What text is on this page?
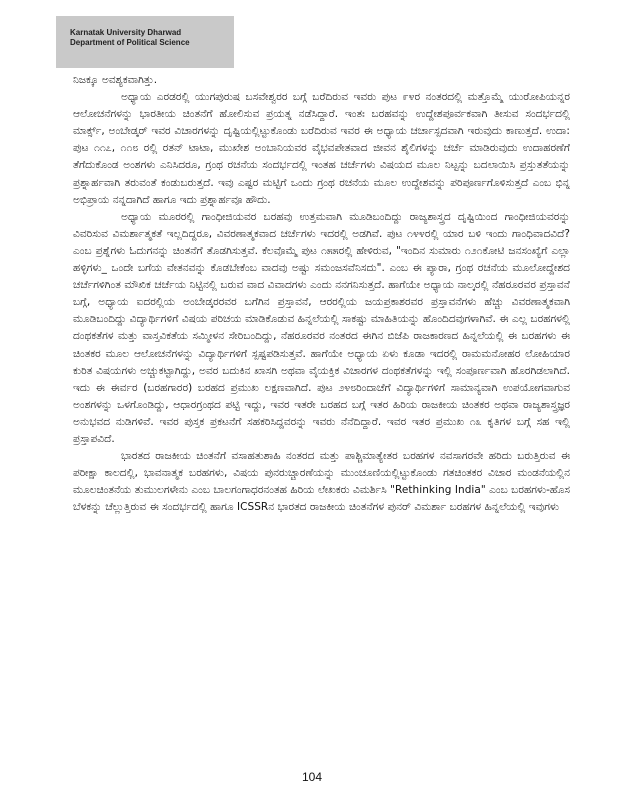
Karnatak University Dharwad
Department of Political Science

ನಿಜಕ್ಕೂ ಅವಶ್ಯಕವಾಗಿತ್ತು.

ಅಧ್ಯಾಯ ಎರಡರಲ್ಲಿ ಯುಗಪುರುಷ ಬಸವೇಶ್ವರರ ಬಗ್ಗೆ ಬರೆದಿರುವ ಇವರು ಪುಟ ೯೪ರ ನಂತರದಲ್ಲಿ ಮತ್ತೊಮ್ಮೆ ಯುರೋಪಿಯನ್ನರ ಆಲೋಚನೆಗಳನ್ನು ಭಾರತೀಯ ಚಿಂತನೆಗೆ ಹೋಲಿಸುವ ಪ್ರಯತ್ನ ನಡೆಸಿದ್ದಾರೆ. ಇಂತಃ ಬರಹವನ್ನು ಉದ್ದೇಶಪೂರ್ವಕವಾಗಿ ತೀಸುವ ಸಂದರ್ಭದಲ್ಲಿ ಮಾರ್ಕ್ಸ್, ಅಂಬೇಡ್ಕರ್ ಇವರ ವಿಚಾರಗಳನ್ನು ದೃಷ್ಟಿಯಲ್ಲಿಟ್ಟುಕೊಂಡು ಬರೆದಿರುವ ಇವರ ಈ ಅಧ್ಯಾಯ ಚರ್ಚಾಸ್ಪದವಾಗಿ ಇರುವುದು ಕಾಣುತ್ತದೆ. ಉದಾ: ಪುಟ ೧೧೭, ೧೧೮ ರಲ್ಲಿ ರತನ್ ಟಾಟಾ, ಮುಖೇಶ ಅಂಬಾನಿಯವರ ವೈಭವಪೇತವಾದ ಜೀವನ ಶೈಲಿಗಳನ್ನು ಚರ್ಚೆ ಮಾಡಿರುವುದು ಉದಾಹರಣೆಗೆ ತೆಗೆದುಕೊಂಡ ಅಂಶಗಳು ಎನಿಸಿದರೂ, ಗ್ರಂಥ ರಚನೆಯ ಸಂದರ್ಭದಲ್ಲಿ ಇಂತಹ ಚರ್ಚೆಗಳು ವಿಷಯದ ಮೂಲ ನಿಟ್ಟನ್ನು ಬದಲಾಯಿಸಿ ಪ್ರಸ್ತುತತೆಯನ್ನು ಪ್ರಶ್ನಾರ್ಹವಾಗಿ ತರುವಂತೆ ಕಂಡುಬರುತ್ತದೆ. ಇವು ಎಷ್ಟರ ಮಟ್ಟಿಗೆ ಒಂದು ಗ್ರಂಥ ರಚನೆಯ ಮೂಲ ಉದ್ದೇಶವನ್ನು ಪರಿಪೂರ್ಣಗೊಳಿಸುತ್ತದೆ ಎಂಬ ಭಿನ್ನ ಅಭಿಪ್ರಾಯ ನನ್ನದಾಗಿದೆ ಹಾಗೂ ಇದು ಪ್ರಶ್ನಾರ್ಹವೂ ಹೌದು.

ಅಧ್ಯಾಯ ಮೂರರಲ್ಲಿ ಗಾಂಧೀಜಿಯವರ ಬರಹವು ಉತ್ತಮವಾಗಿ ಮೂಡಿಬಂದಿದ್ದು ರಾಜ್ಯಶಾಸ್ತ್ರದ ದೃಷ್ಟಿಯಿಂದ ಗಾಂಧೀಜಿಯವರನ್ನು ವಿವರಿಸುವ ವಿಮರ್ಶಾತ್ಮಕತೆ ಇಲ್ಲದಿದ್ದರೂ, ವಿವರಣಾತ್ಮಕವಾದ ಚರ್ಚೆಗಳು ಇದರಲ್ಲಿ ಅಡಗಿವೆ. ಪುಟ ೧೪೪ರಲ್ಲಿ ಯಾರ ಬಳಿ ಇಂದು ಗಾಂಧಿವಾದವಿದೆ? ಎಂಬ ಪ್ರಶ್ನೆಗಳು ಓದುಗನನ್ನು ಚಿಂತನೆಗೆ ತೊಡಗಿಸುತ್ತವೆ. ಕೆಲವೊಮ್ಮೆ ಪುಟ ೧೫೫ರಲ್ಲಿ ಹೇಳಿರುವ, "ಇಂದಿನ ಸುಮಾರು ೧೨೧ಕೋಟಿ ಜನಸಂಖ್ಯೆಗೆ ಎಲ್ಲಾ ಹಳ್ಳಿಗಳು_ ಒಂದೇ ಬಗೆಯ ವೇತನವನ್ನು ಕೊಡಬೇಕೆಂಬ ವಾದವು ಅಷ್ಟು ಸಮಂಜಸವೆನಿಸದು". ಎಂಬ ಈ ಪ್ಯಾರಾ, ಗ್ರಂಥ ರಚನೆಯ ಮೂಲೋದ್ದೇಶದ ಚರ್ಚೆಗಳಿಗಿಂತ ಮೌಖಿಕ ಚರ್ಚೆಯ ನಿಟ್ಟಿನಲ್ಲಿ ಬರುವ ವಾದ ವಿವಾದಗಳು ಎಂದು ನನಗನಿಸುತ್ತದೆ. ಹಾಗೆಯೇ ಅಧ್ಯಾಯ ನಾಲ್ಕರಲ್ಲಿ ನೆಹರೂರವರ ಪ್ರಸ್ತಾವನೆ ಬಗ್ಗೆ, ಅಧ್ಯಾಯ ಐದರಲ್ಲಿಯ ಅಂಬೇಡ್ಕರರವರ ಬಗೆಗಿನ ಪ್ರಸ್ತಾವನೆ, ಆರರಲ್ಲಿಯ ಜಯಪ್ರಕಾಶರವರ ಪ್ರಸ್ತಾವನೆಗಳು ಹೆಚ್ಚು ವಿವರಣಾತ್ಮಕವಾಗಿ ಮೂಡಿಬಂದಿದ್ದು ವಿದ್ಯಾರ್ಥಿಗಳಿಗೆ ವಿಷಯ ಪರಿಚಯ ಮಾಡಿಕೊಡುವ ಹಿನ್ನಲೆಯಲ್ಲಿ ಸಾಕಷ್ಟು ಮಾಹಿತಿಯನ್ನು ಹೊಂದಿದವುಗಳಾಗಿವೆ. ಈ ಎಲ್ಲ ಬರಹಗಳಲ್ಲಿ ದಂಥಕತೆಗಳ ಮತ್ತು ವಾಸ್ತವಿಕತೆಯ ಸಮ್ಮೀಳನ ಸೇರಿಬಂದಿದ್ದು, ನೆಹರೂರವರ ನಂತರದ ಈಗಿನ ಬಿಜೆಪಿ ರಾಜಕಾರಣದ ಹಿನ್ನಲೆಯಲ್ಲಿ ಈ ಬರಹಗಳು ಈ ಚಿಂತಕರ ಮೂಲ ಆಲೋಚನೆಗಳನ್ನು ವಿದ್ಯಾರ್ಥಿಗಳಿಗೆ ಸ್ಪಷ್ಟಪಡಿಸುತ್ತವೆ. ಹಾಗೆಯೇ ಅಧ್ಯಾಯ ಏಳು ಕೂಡಾ ಇದರಲ್ಲಿ ರಾಮಮನೋಹರ ಲೋಹಿಯಾರ ಕುರಿತ ವಿಷಯಗಳು ಅಚ್ಚುಕಟ್ಟಾಗಿದ್ದು, ಅವರ ಬದುಕಿನ ಖಾಸಗಿ ಅಥವಾ ವೈಯಕ್ತಿಕ ವಿಚಾರಗಳ ದಂಥಕತೆಗಳನ್ನು ಇಲ್ಲಿ ಸಂಪೂರ್ಣವಾಗಿ ಹೊರಗಿಡಲಾಗಿದೆ. ಇದು ಈ ಈರ್ವರ (ಬರಹಗಾರರ) ಬರಹದ ಪ್ರಮುಖ ಲಕ್ಷಣವಾಗಿದೆ. ಪುಟ ೨೪೮ರಿಂದಾಚೆಗೆ ವಿದ್ಯಾರ್ಥಿಗಳಿಗೆ ಸಾಮಾನ್ಯವಾಗಿ ಉಪಯೋಗವಾಗುವ ಅಂಶಗಳನ್ನು ಒಳಗೊಂಡಿದ್ದು, ಆಧಾರಗ್ರಂಥದ ಪಟ್ಟಿ ಇದ್ದು, ಇವರ ಇತರೇ ಬರಹದ ಬಗ್ಗೆ ಇತರ ಹಿರಿಯ ರಾಜಕೀಯ ಚಿಂತಕರ ಅಥವಾ ರಾಜ್ಯಶಾಸ್ತ್ರಜ್ಞರ ಅನುಭವದ ನುಡಿಗಳಿವೆ. ಇವರ ಪುಸ್ತಕ ಪ್ರಕಟನೆಗೆ ಸಹಕರಿಸಿದ್ದವರನ್ನು ಇವರು ನೆನೆದಿದ್ದಾರೆ. ಇವರ ಇತರ ಪ್ರಮುಖ ೧೩ ಕೃತಿಗಳ ಬಗ್ಗೆ ಸಹ ಇಲ್ಲಿ ಪ್ರಸ್ತಾಪವಿದೆ.

ಭಾರತದ ರಾಜಕೀಯ ಚಿಂತನೆಗೆ ವಸಾಹತುಶಾಹಿ ನಂತರದ ಮತ್ತು ಪಾಶ್ಚಿಮಾತ್ಯೇತರ ಬರಹಗಳ ನವಸಾಗರವೇ ಹರಿದು ಬರುತ್ತಿರುವ ಈ ಪರೀಕ್ಷಾ ಕಾಲದಲ್ಲಿ, ಭಾವನಾತ್ಮಕ ಬರಹಗಳು, ವಿಷಯ ಪುನರುಚ್ಚಾರಣೆಯನ್ನು ಮುಂಚೂಣಿಯಲ್ಲಿಟ್ಟುಕೊಂಡು ಗತಚಿಂತಕರ ವಿಚಾರ ಮಂಡನೆಯಲ್ಲಿನ ಮೂಲಚಿಂತನೆಯ ತುಮುಲಗಳೇನು ಎಂಬ ಬಾಲಗಂಗಾಧರನಂತಹ ಹಿರಿಯ ಲೇಖಕರು ವಿಮರ್ಶಿಸಿ "Rethinking India" ಎಂಬ ಬರಹಗಳು-ಹೊಸ ಬೆಳಕನ್ನು ಚೆಲ್ಲುತ್ತಿರುವ ಈ ಸಂದರ್ಭದಲ್ಲಿ ಹಾಗೂ ICSSRನ ಭಾರತದ ರಾಜಕೀಯ ಚಿಂತನೆಗಳ ಪುನರ್ ವಿಮರ್ಶಾ ಬರಹಗಳ ಹಿನ್ನಲೆಯಲ್ಲಿ ಇವುಗಳು

104
